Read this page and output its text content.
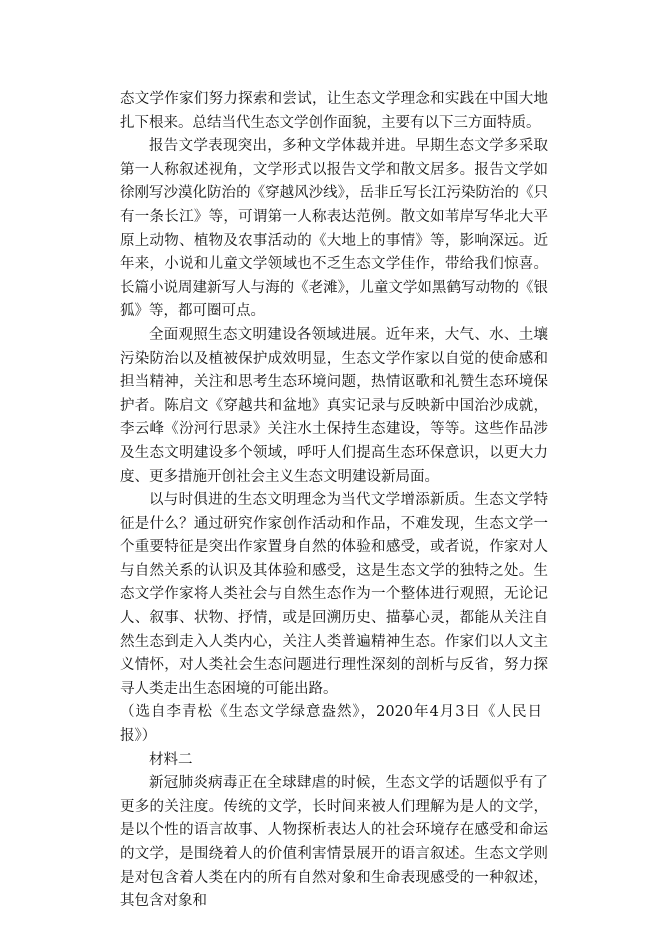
态文学作家们努力探索和尝试，让生态文学理念和实践在中国大地扎下根来。总结当代生态文学创作面貌，主要有以下三方面特质。

报告文学表现突出，多种文学体裁并进。早期生态文学多采取第一人称叙述视角，文学形式以报告文学和散文居多。报告文学如徐刚写沙漠化防治的《穿越风沙线》，岳非丘写长江污染防治的《只有一条长江》等，可谓第一人称表达范例。散文如苇岸写华北大平原上动物、植物及农事活动的《大地上的事情》等，影响深远。近年来，小说和儿童文学领域也不乏生态文学佳作，带给我们惊喜。长篇小说周建新写人与海的《老滩》，儿童文学如黑鹤写动物的《银狐》等，都可圈可点。

全面观照生态文明建设各领域进展。近年来，大气、水、土壤污染防治以及植被保护成效明显，生态文学作家以自觉的使命感和担当精神，关注和思考生态环境问题，热情讴歌和礼赞生态环境保护者。陈启文《穿越共和盆地》真实记录与反映新中国治沙成就，李云峰《汾河行思录》关注水土保持生态建设，等等。这些作品涉及生态文明建设多个领域，呼吁人们提高生态环保意识，以更大力度、更多措施开创社会主义生态文明建设新局面。

以与时俱进的生态文明理念为当代文学增添新质。生态文学特征是什么？通过研究作家创作活动和作品，不难发现，生态文学一个重要特征是突出作家置身自然的体验和感受，或者说，作家对人与自然关系的认识及其体验和感受，这是生态文学的独特之处。生态文学作家将人类社会与自然生态作为一个整体进行观照，无论记人、叙事、状物、抒情，或是回溯历史、描摹心灵，都能从关注自然生态到走入人类内心，关注人类普遍精神生态。作家们以人文主义情怀，对人类社会生态问题进行理性深刻的剖析与反省，努力探寻人类走出生态困境的可能出路。

（选自李青松《生态文学绿意盎然》，2020年4月3日《人民日报》）

材料二

新冠肺炎病毒正在全球肆虐的时候，生态文学的话题似乎有了更多的关注度。传统的文学，长时间来被人们理解为是人的文学，是以个性的语言故事、人物探析表达人的社会环境存在感受和命运的文学，是围绕着人的价值利害情景展开的语言叙述。生态文学则是对包含着人类在内的所有自然对象和生命表现感受的一种叙述，其包含对象和
